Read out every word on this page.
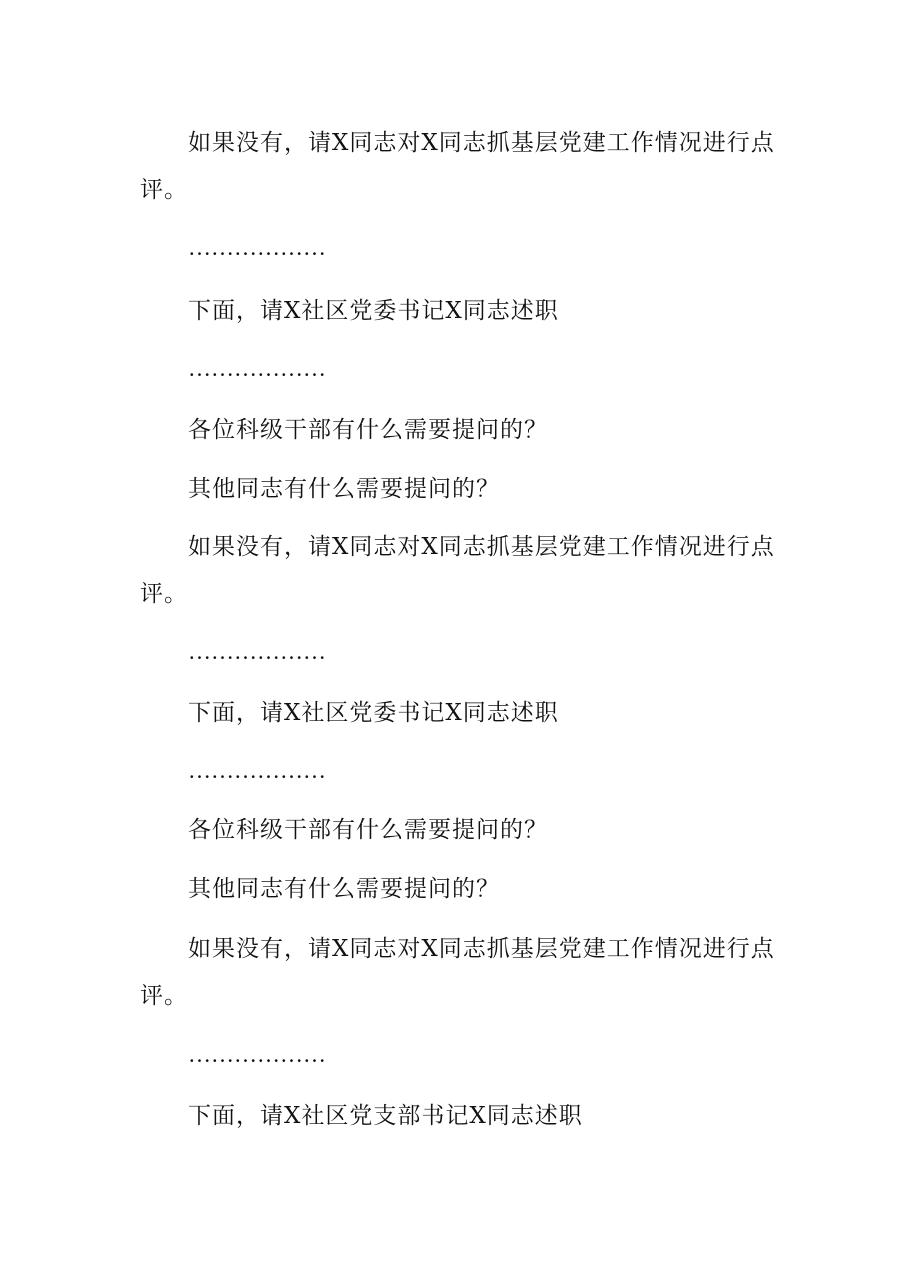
如果没有，请X同志对X同志抓基层党建工作情况进行点评。

………………

下面，请X社区党委书记X同志述职

………………

各位科级干部有什么需要提问的？

其他同志有什么需要提问的？

如果没有，请X同志对X同志抓基层党建工作情况进行点评。

………………

下面，请X社区党委书记X同志述职

………………

各位科级干部有什么需要提问的？

其他同志有什么需要提问的？

如果没有，请X同志对X同志抓基层党建工作情况进行点评。

………………

下面，请X社区党支部书记X同志述职
